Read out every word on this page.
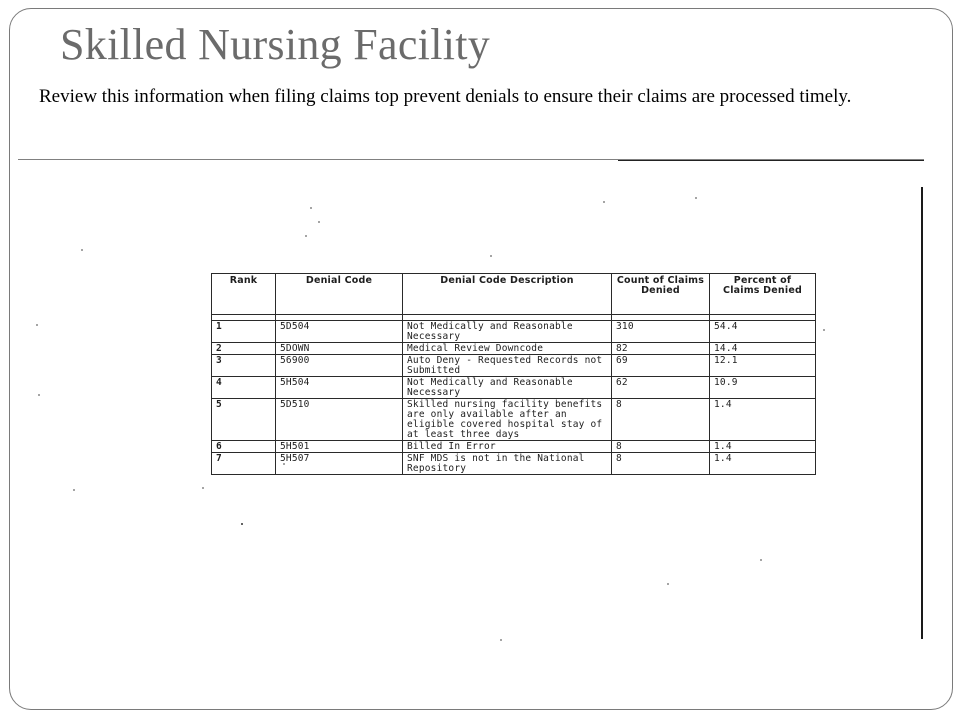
Skilled Nursing Facility

Review this information when filing claims top prevent denials to ensure their claims are processed timely.

Rank	Denial Code	Denial Code Description	Count of Claims Denied	Percent of Claims Denied

1	5D504	Not Medically and Reasonable Necessary	310	54.4
2	5DOWN	Medical Review Downcode	82	14.4
3	56900	Auto Deny - Requested Records not Submitted	69	12.1
4	5H504	Not Medically and Reasonable Necessary	62	10.9
5	5D510	Skilled nursing facility benefits are only available after an eligible covered hospital stay of at least three days	8	1.4
6	5H501	Billed In Error	8	1.4
7	5H507	SNF MDS is not in the National Repository	8	1.4
